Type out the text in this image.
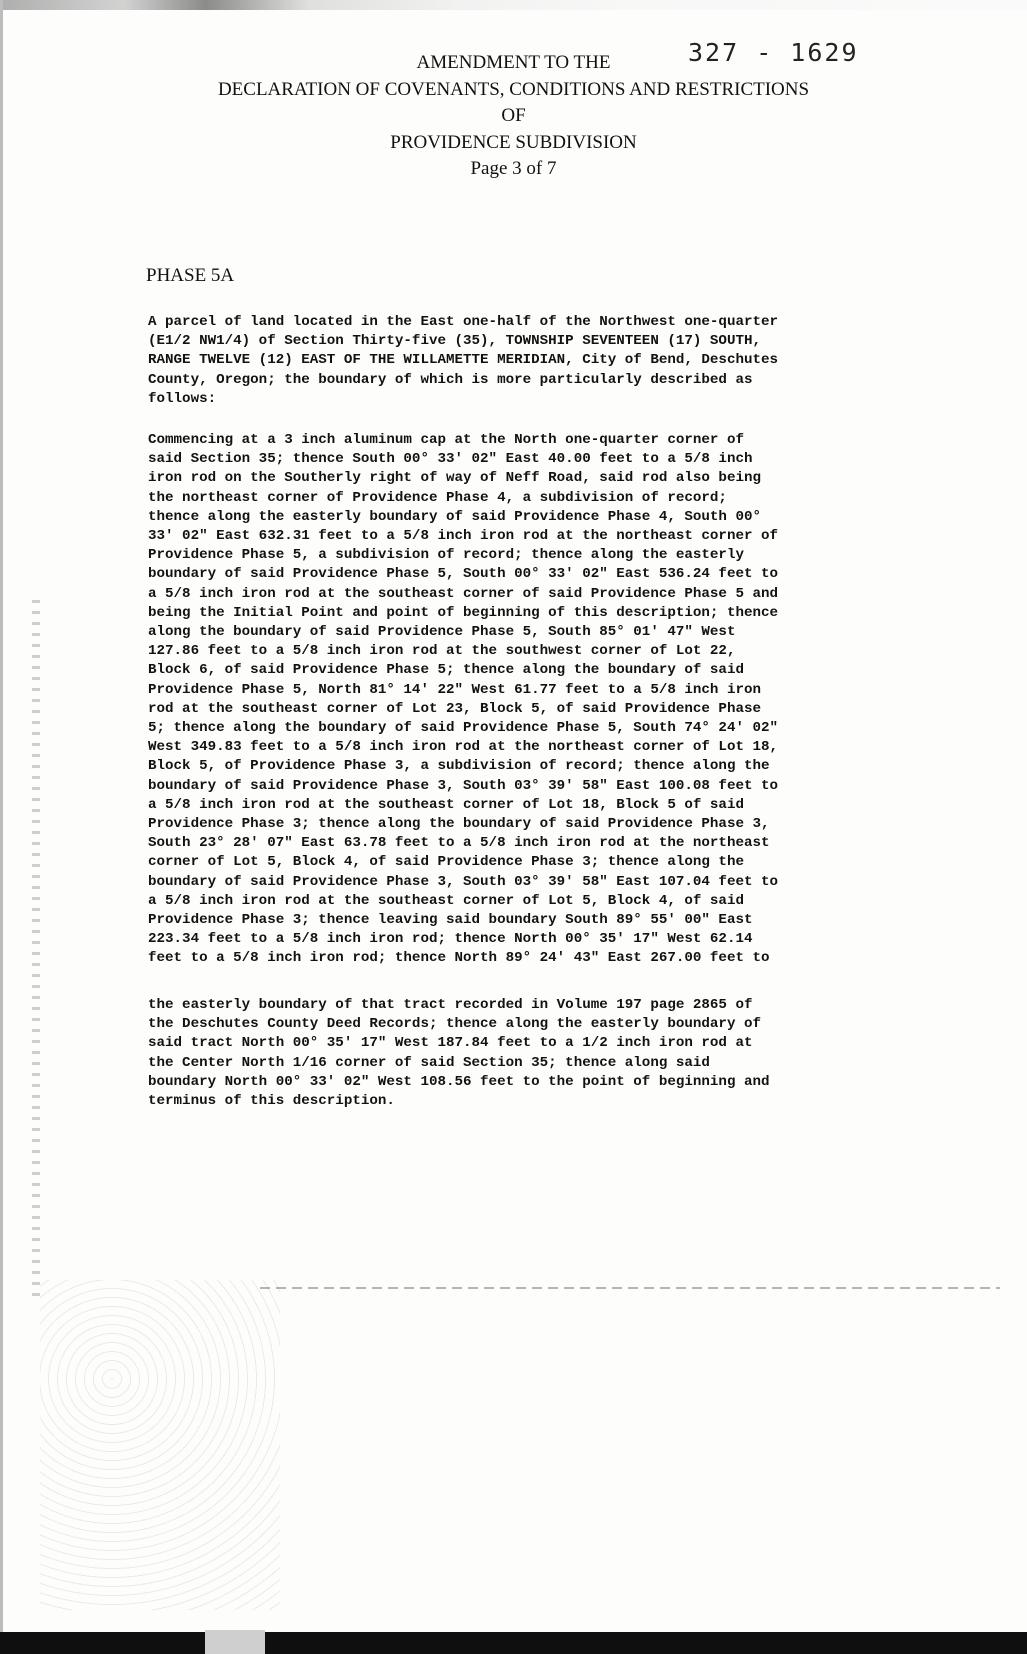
AMENDMENT TO THE
DECLARATION OF COVENANTS, CONDITIONS AND RESTRICTIONS
OF
PROVIDENCE SUBDIVISION
Page 3 of 7
327 - 1629
PHASE 5A

A parcel of land located in the East one-half of the Northwest one-quarter
(E1/2 NW1/4) of Section Thirty-five (35), TOWNSHIP SEVENTEEN (17) SOUTH,
RANGE TWELVE (12) EAST OF THE WILLAMETTE MERIDIAN, City of Bend, Deschutes
County, Oregon; the boundary of which is more particularly described as
follows:

Commencing at a 3 inch aluminum cap at the North one-quarter corner of
said Section 35; thence South 00° 33' 02" East 40.00 feet to a 5/8 inch
iron rod on the Southerly right of way of Neff Road, said rod also being
the northeast corner of Providence Phase 4, a subdivision of record;
thence along the easterly boundary of said Providence Phase 4, South 00°
33' 02" East 632.31 feet to a 5/8 inch iron rod at the northeast corner of
Providence Phase 5, a subdivision of record; thence along the easterly
boundary of said Providence Phase 5, South 00° 33' 02" East 536.24 feet to
a 5/8 inch iron rod at the southeast corner of said Providence Phase 5 and
being the Initial Point and point of beginning of this description; thence
along the boundary of said Providence Phase 5, South 85° 01' 47" West
127.86 feet to a 5/8 inch iron rod at the southwest corner of Lot 22,
Block 6, of said Providence Phase 5; thence along the boundary of said
Providence Phase 5, North 81° 14' 22" West 61.77 feet to a 5/8 inch iron
rod at the southeast corner of Lot 23, Block 5, of said Providence Phase
5; thence along the boundary of said Providence Phase 5, South 74° 24' 02"
West 349.83 feet to a 5/8 inch iron rod at the northeast corner of Lot 18,
Block 5, of Providence Phase 3, a subdivision of record; thence along the
boundary of said Providence Phase 3, South 03° 39' 58" East 100.08 feet to
a 5/8 inch iron rod at the southeast corner of Lot 18, Block 5 of said
Providence Phase 3; thence along the boundary of said Providence Phase 3,
South 23° 28' 07" East 63.78 feet to a 5/8 inch iron rod at the northeast
corner of Lot 5, Block 4, of said Providence Phase 3; thence along the
boundary of said Providence Phase 3, South 03° 39' 58" East 107.04 feet to
a 5/8 inch iron rod at the southeast corner of Lot 5, Block 4, of said
Providence Phase 3; thence leaving said boundary South 89° 55' 00" East
223.34 feet to a 5/8 inch iron rod; thence North 00° 35' 17" West 62.14
feet to a 5/8 inch iron rod; thence North 89° 24' 43" East 267.00 feet to

the easterly boundary of that tract recorded in Volume 197 page 2865 of
the Deschutes County Deed Records; thence along the easterly boundary of
said tract North 00° 35' 17" West 187.84 feet to a 1/2 inch iron rod at
the Center North 1/16 corner of said Section 35; thence along said
boundary North 00° 33' 02" West 108.56 feet to the point of beginning and
terminus of this description.
